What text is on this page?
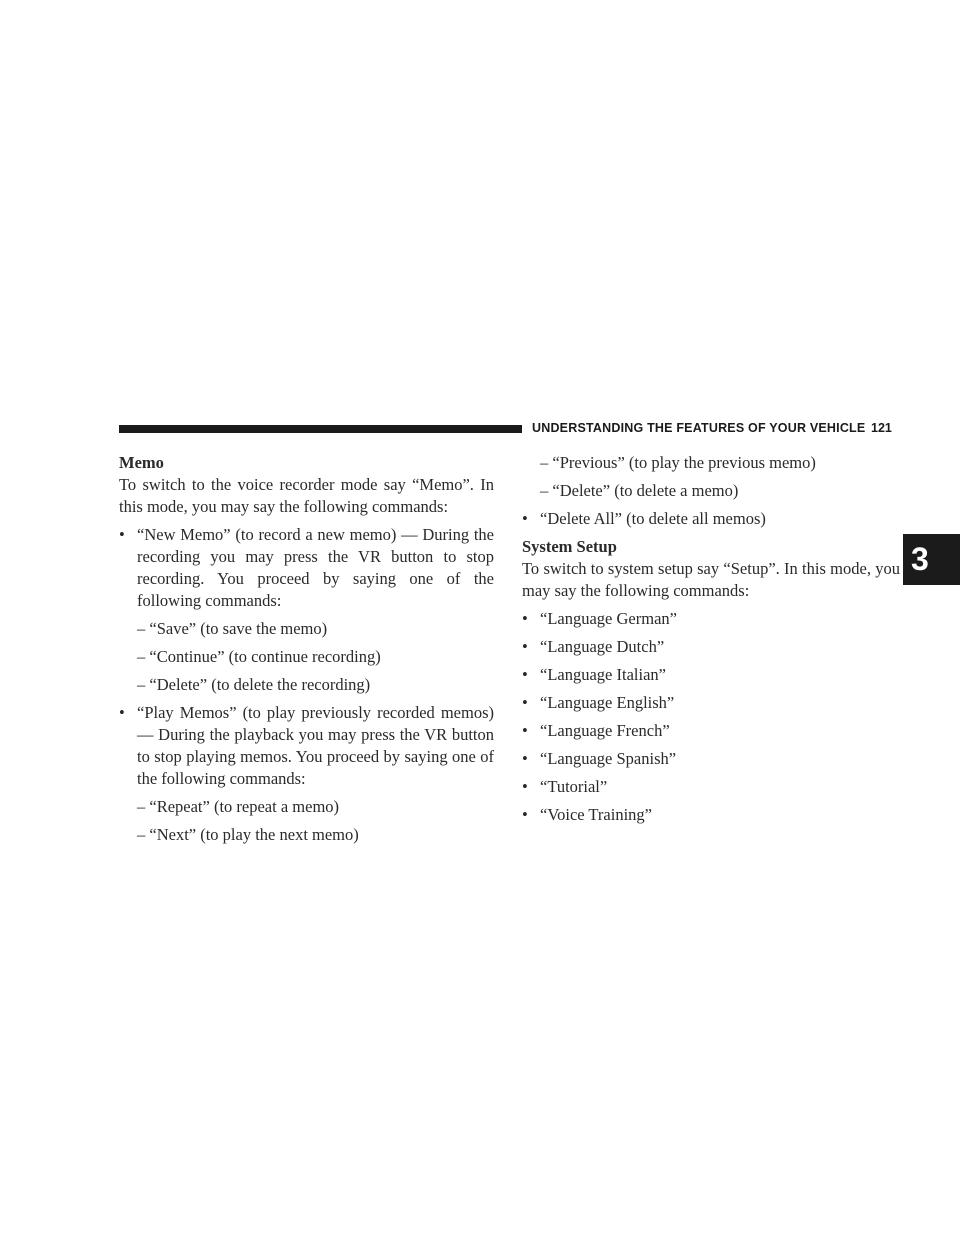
UNDERSTANDING THE FEATURES OF YOUR VEHICLE 121
3
Memo

To switch to the voice recorder mode say “Memo”. In this mode, you may say the following commands:

• “New Memo” (to record a new memo) — During the recording you may press the VR button to stop recording. You proceed by saying one of the following commands:
– “Save” (to save the memo)
– “Continue” (to continue recording)
– “Delete” (to delete the recording)
• “Play Memos” (to play previously recorded memos) — During the playback you may press the VR button to stop playing memos. You proceed by saying one of the following commands:
– “Repeat” (to repeat a memo)
– “Next” (to play the next memo)
– “Previous” (to play the previous memo)
– “Delete” (to delete a memo)
• “Delete All” (to delete all memos)
System Setup

To switch to system setup say “Setup”. In this mode, you may say the following commands:

• “Language German”
• “Language Dutch”
• “Language Italian”
• “Language English”
• “Language French”
• “Language Spanish”
• “Tutorial”
• “Voice Training”
